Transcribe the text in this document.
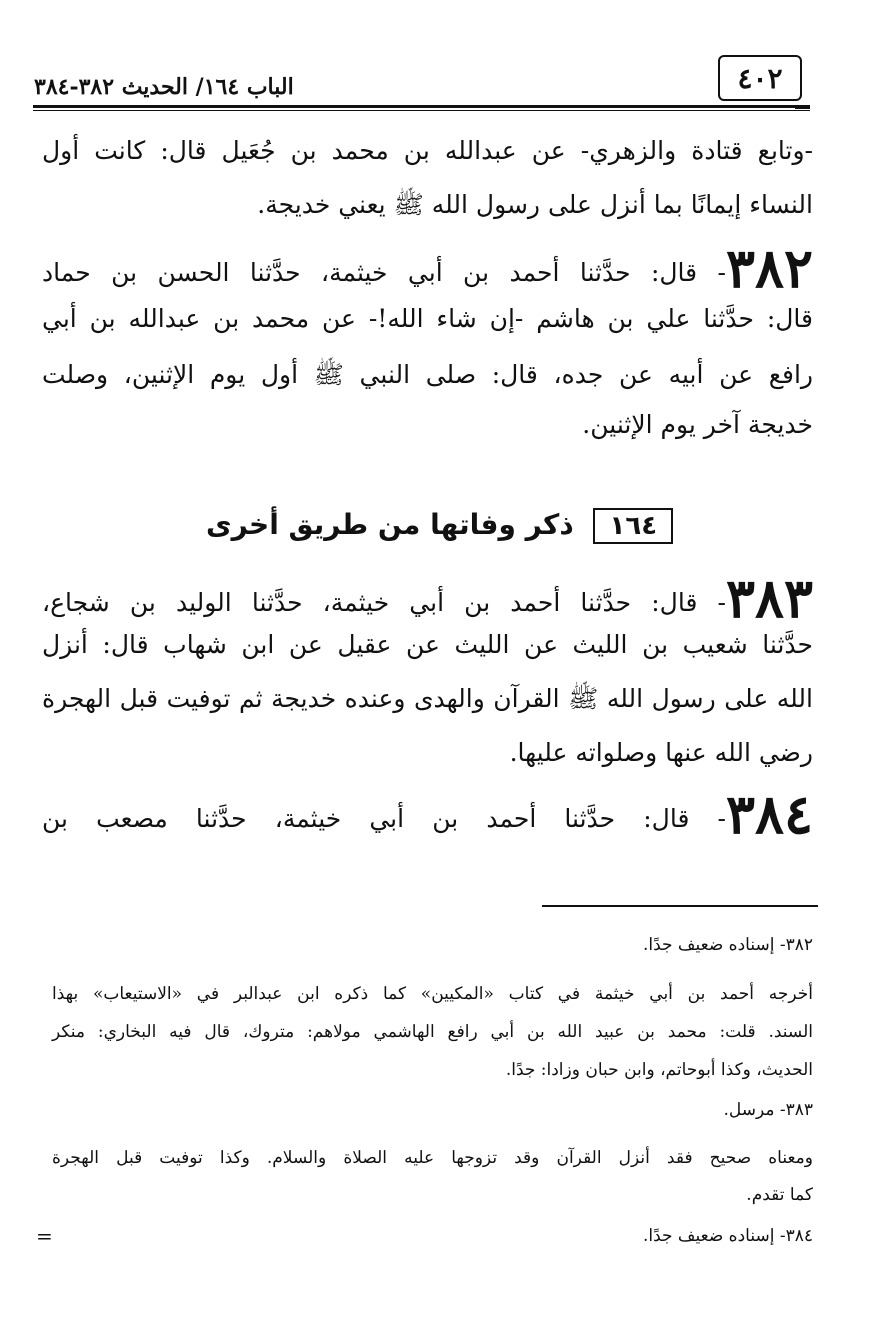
٤٠٢
الباب ١٦٤/ الحديث ٣٨٢-٣٨٤
-وتابع قتادة والزهري- عن عبدالله بن محمد بن جُعَيل قال: كانت أول
النساء إيمانًا بما أنزل على رسول الله ﷺ يعني خديجة.
٣٨٢- قال: حدَّثنا أحمد بن أبي خيثمة، حدَّثنا الحسن بن حماد
قال: حدَّثنا علي بن هاشم -إن شاء الله!- عن محمد بن عبدالله بن أبي
رافع عن أبيه عن جده، قال: صلى النبي ﷺ أول يوم الإثنين، وصلت
خديجة آخر يوم الإثنين.
١٦٤ ذكر وفاتها من طريق أخرى
٣٨٣- قال: حدَّثنا أحمد بن أبي خيثمة، حدَّثنا الوليد بن شجاع،
حدَّثنا شعيب بن الليث عن الليث عن عقيل عن ابن شهاب قال: أنزل
الله على رسول الله ﷺ القرآن والهدى وعنده خديجة ثم توفيت قبل الهجرة
رضي الله عنها وصلواته عليها.
٣٨٤- قال: حدَّثنا أحمد بن أبي خيثمة، حدَّثنا مصعب بن
٣٨٢- إسناده ضعيف جدًا.
أخرجه أحمد بن أبي خيثمة في كتاب «المكيين» كما ذكره ابن عبدالبر في «الاستيعاب» بهذا
السند. قلت: محمد بن عبيد الله بن أبي رافع الهاشمي مولاهم: متروك، قال فيه البخاري: منكر
الحديث، وكذا أبوحاتم، وابن حبان وزادا: جدًا.
٣٨٣- مرسل.
ومعناه صحيح فقد أنزل القرآن وقد تزوجها عليه الصلاة والسلام. وكذا توفيت قبل الهجرة
كما تقدم.
٣٨٤- إسناده ضعيف جدًا.
=
